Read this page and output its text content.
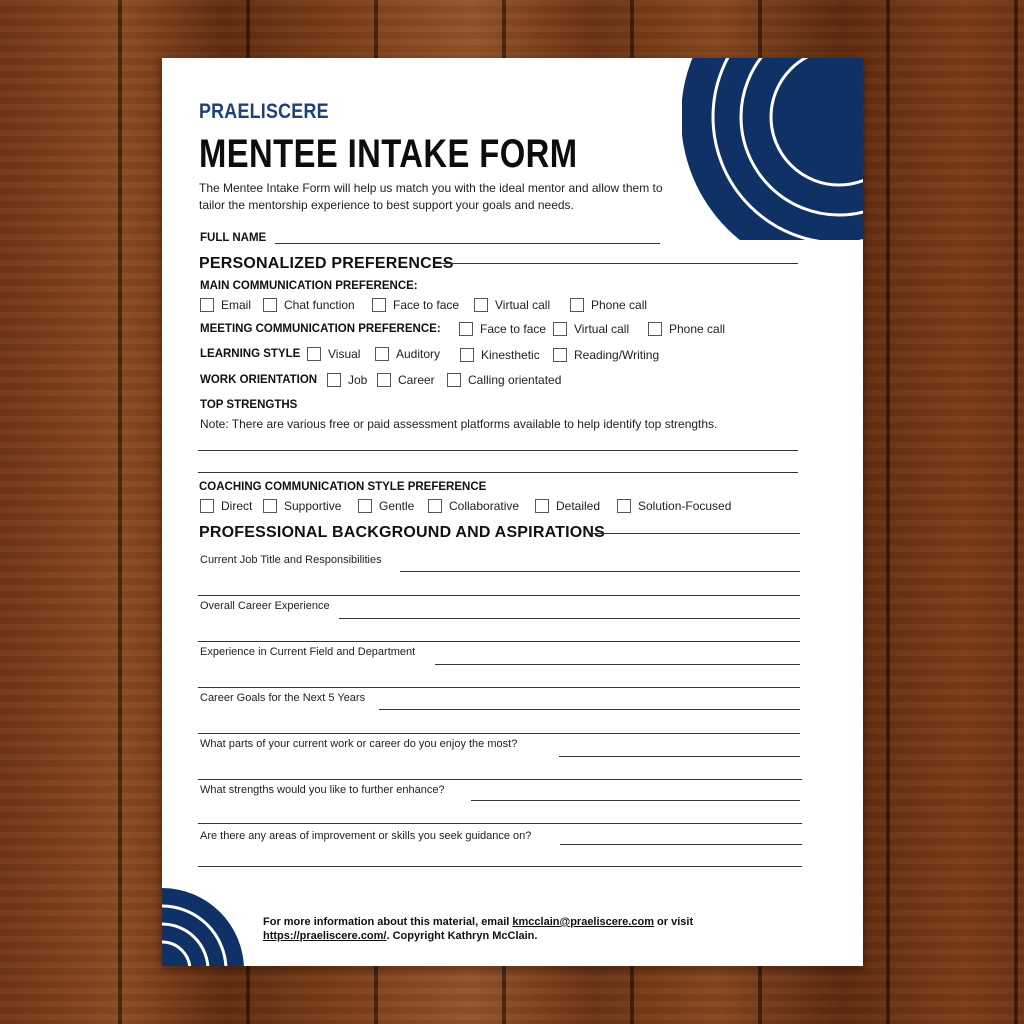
PRAELISCERE
MENTEE INTAKE FORM
The Mentee Intake Form will help us match you with the ideal mentor and allow them to tailor the mentorship experience to best support your goals and needs.
FULL NAME
PERSONALIZED PREFERENCES
MAIN COMMUNICATION PREFERENCE:
Email	Chat function	Face to face	Virtual call	Phone call
MEETING COMMUNICATION PREFERENCE:	Face to face Virtual call	Phone call
LEARNING STYLE Visual	Auditory	Kinesthetic	Reading/Writing
WORK ORIENTATION	Job	Career	Calling orientated
TOP STRENGTHS
Note: There are various free or paid assessment platforms available to help identify top strengths.
COACHING COMMUNICATION STYLE PREFERENCE
Direct	Supportive	Gentle	Collaborative	Detailed	Solution-Focused
PROFESSIONAL BACKGROUND AND ASPIRATIONS
Current Job Title and Responsibilities
Overall Career Experience
Experience in Current Field and Department
Career Goals for the Next 5 Years
What parts of your current work or career do you enjoy the most?
What strengths would you like to further enhance?
Are there any areas of improvement or skills you seek guidance on?
For more information about this material, email kmcclain@praeliscere.com or visit https://praeliscere.com/. Copyright Kathryn McClain.
